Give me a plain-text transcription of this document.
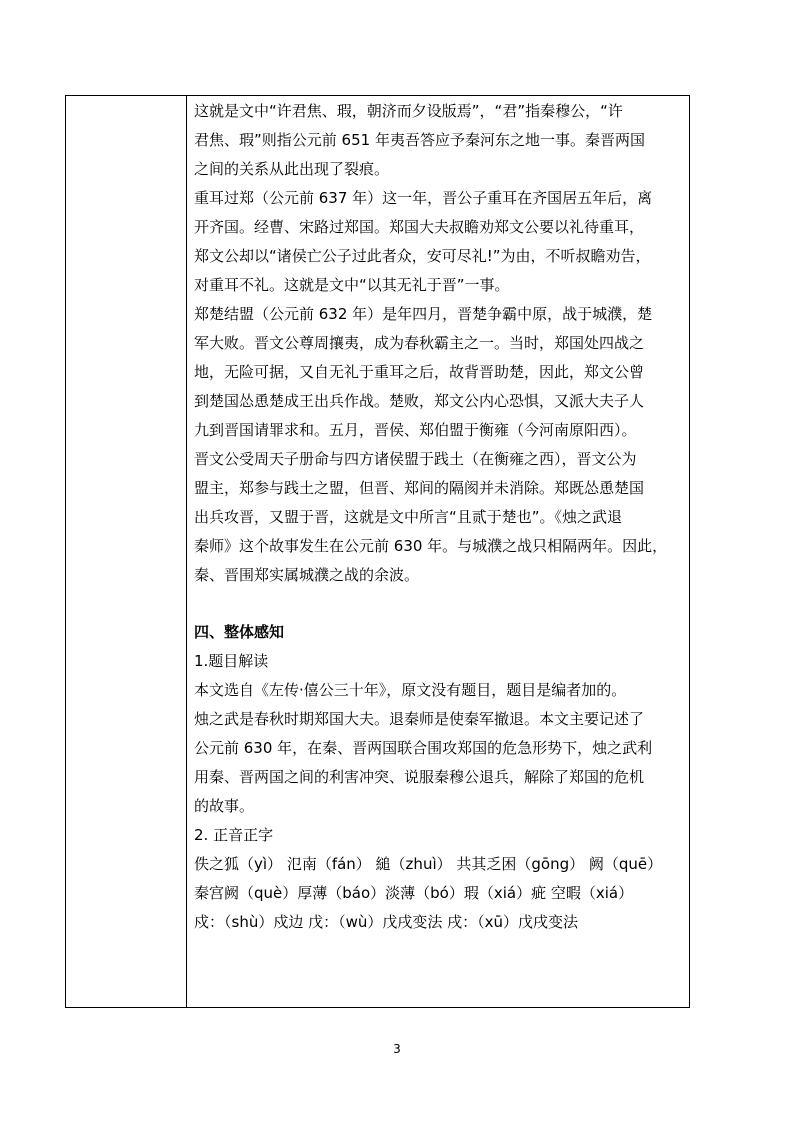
这就是文中“许君焦、瑕，朝济而夕设版焉”，“君”指秦穆公，“许
君焦、瑕”则指公元前 651 年夷吾答应予秦河东之地一事。秦晋两国
之间的关系从此出现了裂痕。
重耳过郑（公元前 637 年）这一年，晋公子重耳在齐国居五年后，离
开齐国。经曹、宋路过郑国。郑国大夫叔瞻劝郑文公要以礼待重耳，
郑文公却以“诸侯亡公子过此者众，安可尽礼!”为由，不听叔瞻劝告，
对重耳不礼。这就是文中“以其无礼于晋”一事。
郑楚结盟（公元前 632 年）是年四月，晋楚争霸中原，战于城濮，楚
军大败。晋文公尊周攘夷，成为春秋霸主之一。当时，郑国处四战之
地，无险可据，又自无礼于重耳之后，故背晋助楚，因此，郑文公曾
到楚国怂恿楚成王出兵作战。楚败，郑文公内心恐惧，又派大夫子人
九到晋国请罪求和。五月，晋侯、郑伯盟于衡雍（今河南原阳西）。
晋文公受周天子册命与四方诸侯盟于践土（在衡雍之西），晋文公为
盟主，郑参与践土之盟，但晋、郑间的隔阂并未消除。郑既怂恿楚国
出兵攻晋，又盟于晋，这就是文中所言“且贰于楚也”。《烛之武退
秦师》这个故事发生在公元前 630 年。与城濮之战只相隔两年。因此，
秦、晋围郑实属城濮之战的余波。
四、整体感知
1.题目解读
本文选自《左传·僖公三十年》，原文没有题目，题目是编者加的。
烛之武是春秋时期郑国大夫。退秦师是使秦军撤退。本文主要记述了
公元前 630 年，在秦、晋两国联合围攻郑国的危急形势下，烛之武利
用秦、晋两国之间的利害冲突、说服秦穆公退兵，解除了郑国的危机
的故事。
2. 正音正字
佚之狐（yì） 氾南（fán） 縋（zhuì） 共其乏困（gōng） 阙（quē）
秦宫阙（què）厚薄（báo）淡薄（bó）瑕（xiá）疵 空暇（xiá）
戍：（shù）戍边 戊：（wù）戊戌变法 戌：（xū）戊戌变法
3
